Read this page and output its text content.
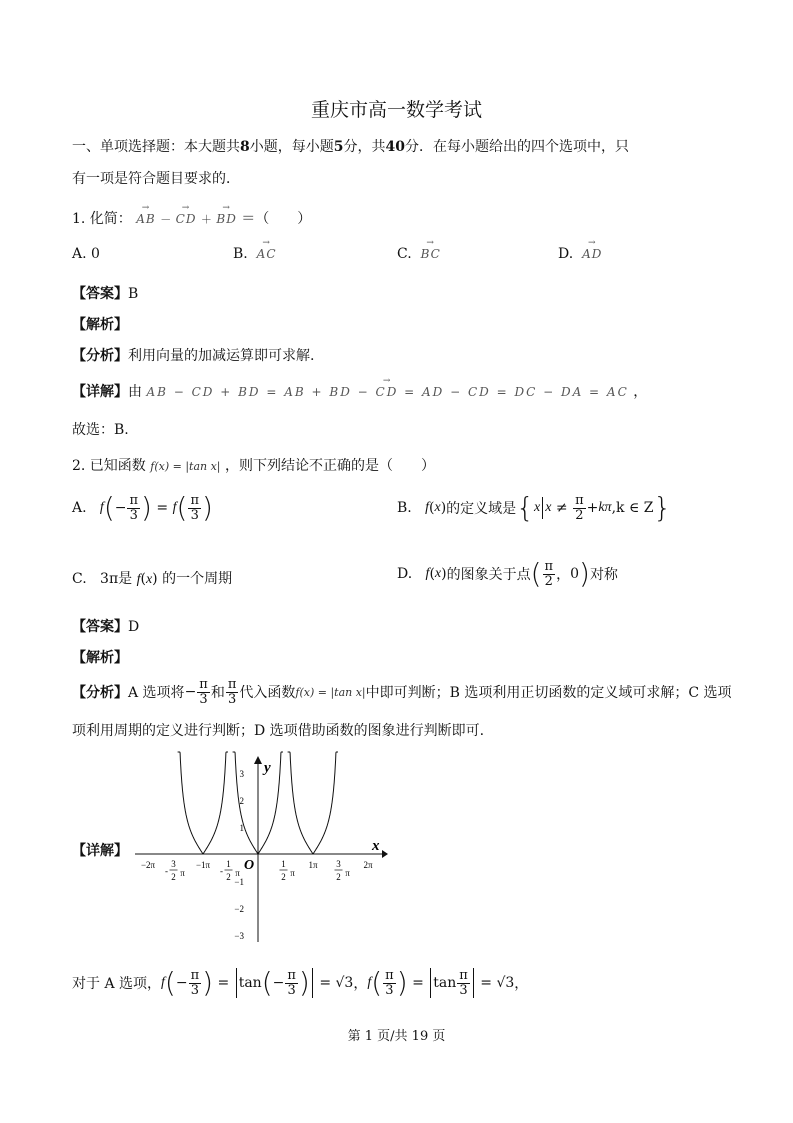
重庆市高一数学考试
一、单项选择题：本大题共8小题，每小题5分，共40分．在每小题给出的四个选项中，只
有一项是符合题目要求的．
1. 化简： → AB － → CD ＋ → BD ＝（　　）
A. 0	B. → AC	C. → BC	D. → AD
【答案】B
【解析】
【分析】利用向量的加减运算即可求解.
【详解】由 → AB − CD + BD = AB + BD − CD = AD − CD = DC − DA = AC ，
故选：B.
2. 已知函数 f(x) = |tan x| ，则下列结论不正确的是（　　）
A.
f ( − $\frac{\pi}{3}$ )
=
f ( $\frac{\pi}{3}$ )	B.
f ( x ) 的定义域是 { x x
≠
$\frac{\pi}{2} + k\pi$ ,k ∈ Z }
C. 3π是 f(x) 的一个周期	D.
f ( x ) 的图象关于点 ( $\frac{\pi}{2}$ ， 0 ) 对称
【答案】D
【解析】
【分析】 A 选项将 − $\frac{\pi}{3}$ 和 $\frac{\pi}{3}$ 代入函数 f(x) = |tan x| 中即可判断；B 选项利用正切函数的定义域可求解；C 选项
项利用周期的定义进行判断；D 选项借助函数的图象进行判断即可.
【详解】	x
y
O
3
2
1
−1
−2
−3
−2π	−1π	1π	2π
-
3
2 π	-
1
2 π
1
2 π
3
2 π
对于 A 选项， f ( − $\frac{\pi}{3}$ )
=
tan ( − $\frac{\pi}{3}$ )
=
√3 ， f ( $\frac{\pi}{3}$ )
=
$\tan \frac{\pi}{3}$
=
√3 ，
第 1 页/共 19 页
